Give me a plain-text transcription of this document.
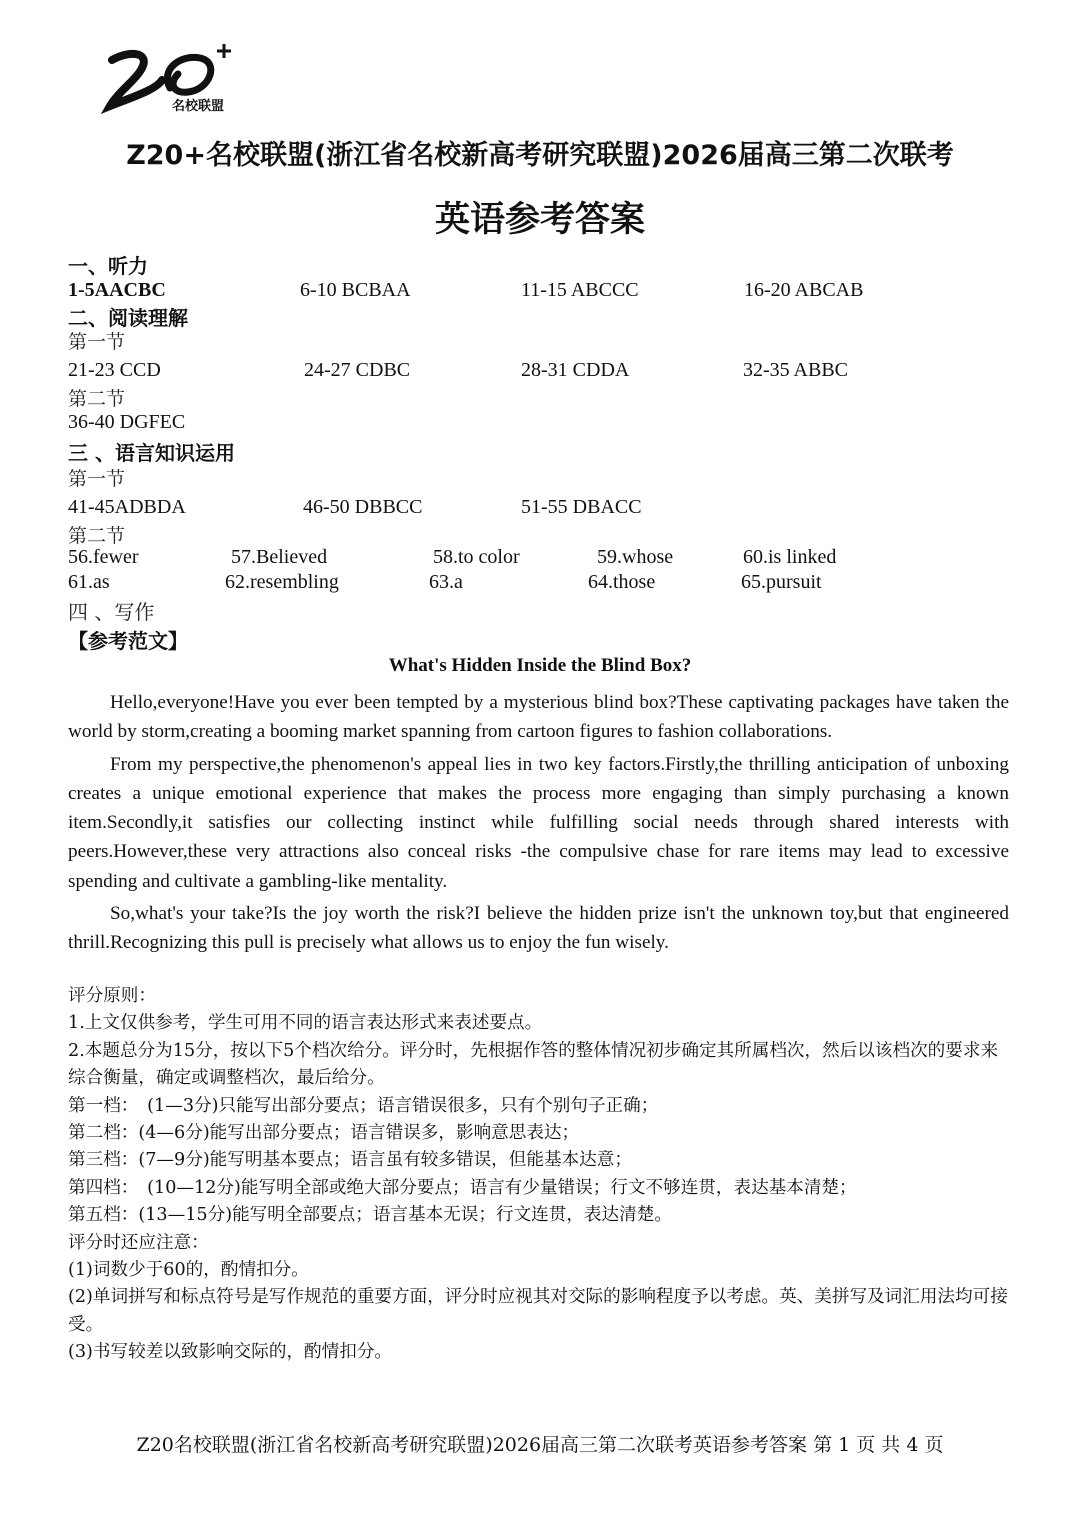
名校联盟
Z20+名校联盟(浙江省名校新高考研究联盟)2026届高三第二次联考
英语参考答案
一、听力
1-5AACBC	6-10 BCBAA	11-15 ABCCC	16-20 ABCAB
二、阅读理解
第一节
21-23 CCD	24-27 CDBC	28-31 CDDA	32-35 ABBC
第二节
36-40 DGFEC
三 、语言知识运用
第一节
41-45ADBDA	46-50 DBBCC	51-55 DBACC
第二节
56.fewer	57.Believed	58.to color	59.whose	60.is linked
61.as	62.resembling	63.a	64.those	65.pursuit
四 、写作
【参考范文】
What's Hidden Inside the Blind Box?

Hello,everyone!Have you ever been tempted by a mysterious blind box?These captivating packages have taken the world by storm,creating a booming market spanning from cartoon figures to fashion collaborations.

From my perspective,the phenomenon's appeal lies in two key factors.Firstly,the thrilling anticipation of unboxing creates a unique emotional experience that makes the process more engaging than simply purchasing a known item.Secondly,it satisfies our collecting instinct while fulfilling social needs through shared interests with peers.However,these very attractions also conceal risks -the compulsive chase for rare items may lead to excessive spending and cultivate a gambling-like mentality.

So,what's your take?Is the joy worth the risk?I believe the hidden prize isn't the unknown toy,but that engineered thrill.Recognizing this pull is precisely what allows us to enjoy the fun wisely.

评分原则：
1.上文仅供参考，学生可用不同的语言表达形式来表述要点。
2.本题总分为15分，按以下5个档次给分。评分时，先根据作答的整体情况初步确定其所属档次，然后以该档次的要求来综合衡量，确定或调整档次，最后给分。
第一档：　(1—3分)只能写出部分要点；语言错误很多，只有个别句子正确；
第二档：(4—6分)能写出部分要点；语言错误多，影响意思表达；
第三档：(7—9分)能写明基本要点；语言虽有较多错误，但能基本达意；
第四档：　(10—12分)能写明全部或绝大部分要点；语言有少量错误；行文不够连贯，表达基本清楚；
第五档：(13—15分)能写明全部要点；语言基本无误；行文连贯，表达清楚。
评分时还应注意：
(1)词数少于60的，酌情扣分。
(2)单词拼写和标点符号是写作规范的重要方面，评分时应视其对交际的影响程度予以考虑。英、美拼写及词汇用法均可接受。
(3)书写较差以致影响交际的，酌情扣分。
Z20名校联盟(浙江省名校新高考研究联盟)2026届高三第二次联考英语参考答案 第 1 页 共 4 页
